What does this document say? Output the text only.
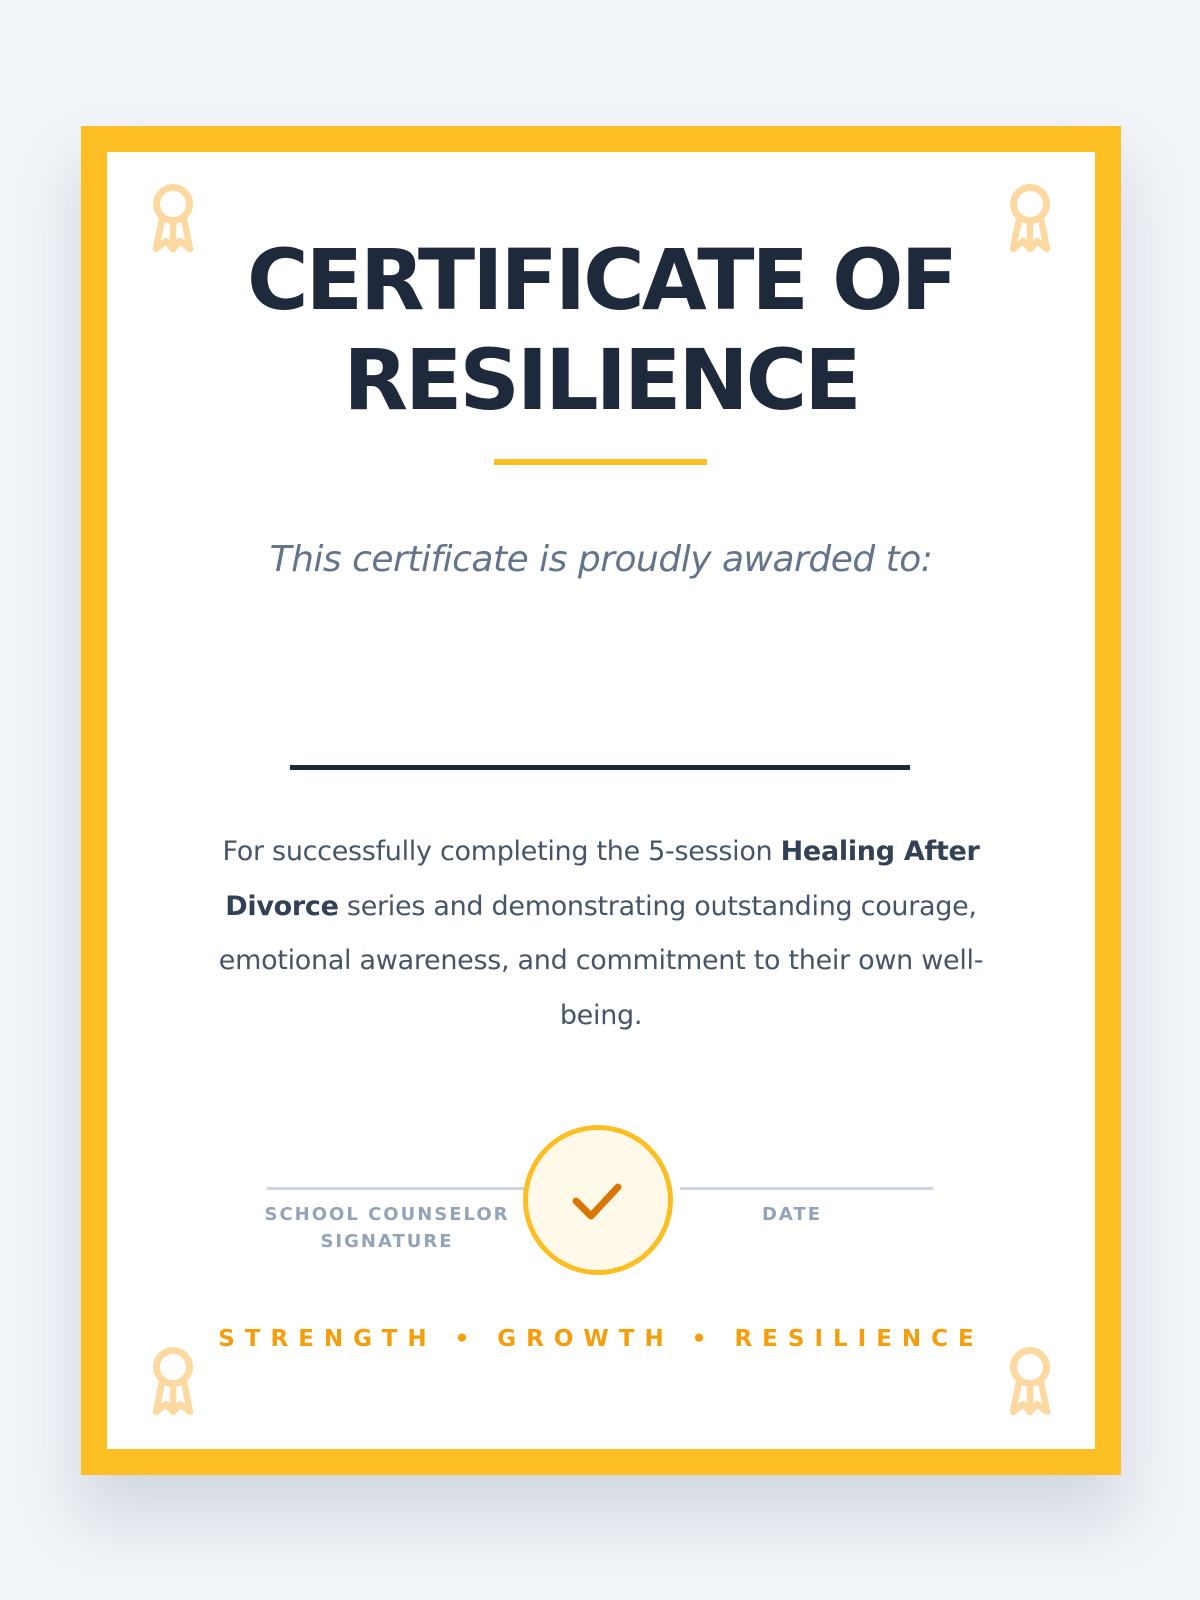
CERTIFICATE OF
RESILIENCE
This certificate is proudly awarded to:

For successfully completing the 5-session Healing After Divorce series and demonstrating outstanding courage, emotional awareness, and commitment to their own well-being.

SCHOOL COUNSELOR
SIGNATURE
DATE
STRENGTH • GROWTH • RESILIENCE
